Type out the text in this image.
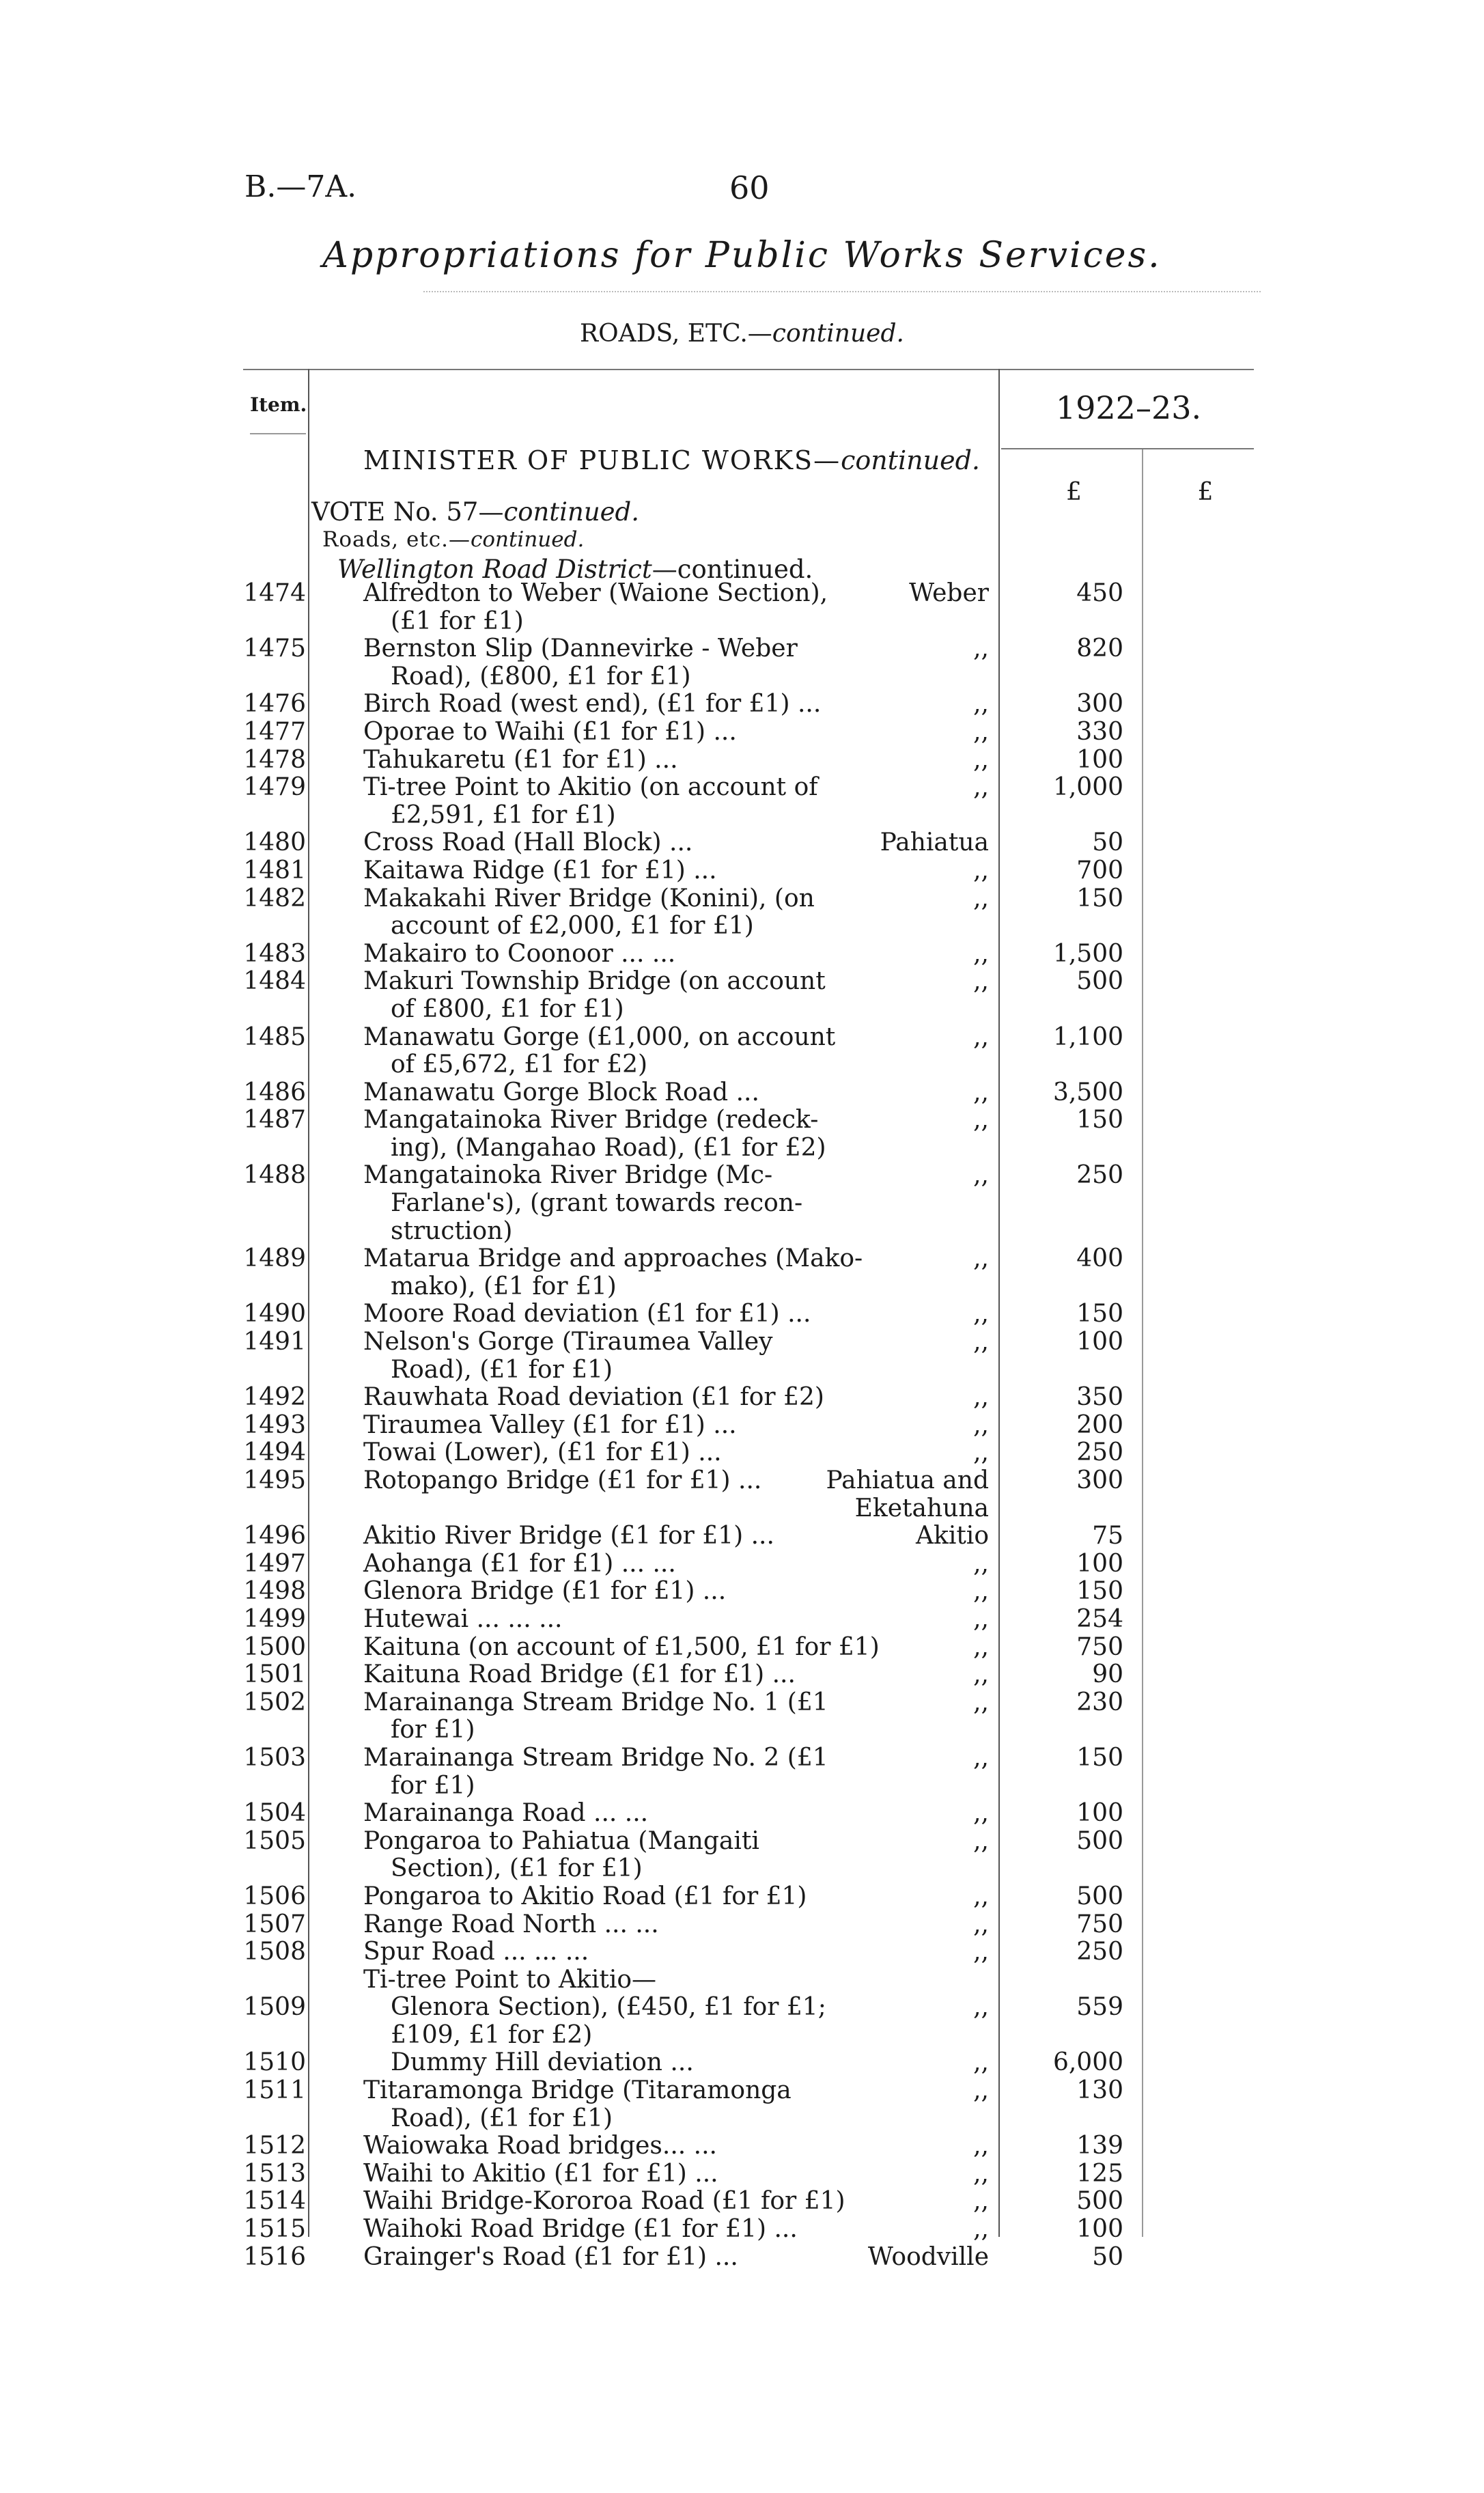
B.—7A.	60
Appropriations for Public Works Services.
ROADS, ETC.—continued.
Item.	1922–23.
£	£
MINISTER OF PUBLIC WORKS—continued.
VOTE No. 57—continued.
Roads, etc.—continued.
Wellington Road District—continued.
1474 Alfredton to Weber (Waione Section),
(£1 for £1)
Weber	450
1475 Bernston Slip (Dannevirke - Weber
Road), (£800, £1 for £1)
,,	820
1476 Birch Road (west end), (£1 for £1) ...	,,	300
1477 Oporae to Waihi (£1 for £1) ...	,,	330
1478 Tahukaretu (£1 for £1) ...	,,	100
1479 Ti-tree Point to Akitio (on account of
£2,591, £1 for £1)
,,	1,000
1480 Cross Road (Hall Block) ...	Pahiatua	50
1481 Kaitawa Ridge (£1 for £1) ...	,,	700
1482 Makakahi River Bridge (Konini), (on
account of £2,000, £1 for £1)
,,	150
1483 Makairo to Coonoor ... ...	,,	1,500
1484 Makuri Township Bridge (on account
of £800, £1 for £1)
,,	500
1485 Manawatu Gorge (£1,000, on account
of £5,672, £1 for £2)
,,	1,100
1486 Manawatu Gorge Block Road ...	,,	3,500
1487 Mangatainoka River Bridge (redeck-
ing), (Mangahao Road), (£1 for £2)
,,	150
1488 Mangatainoka River Bridge (Mc-
Farlane's), (grant towards recon-
struction)
,,	250
1489 Matarua Bridge and approaches (Mako-
mako), (£1 for £1)
,,	400
1490 Moore Road deviation (£1 for £1) ...	,,	150
1491 Nelson's Gorge (Tiraumea Valley
Road), (£1 for £1)
,,	100
1492 Rauwhata Road deviation (£1 for £2)	,,	350
1493 Tiraumea Valley (£1 for £1) ...	,,	200
1494 Towai (Lower), (£1 for £1) ...	,,	250
1495 Rotopango Bridge (£1 for £1) ...	Pahiatua and
Eketahuna
300
1496 Akitio River Bridge (£1 for £1) ...	Akitio	75
1497 Aohanga (£1 for £1) ... ...	,,	100
1498 Glenora Bridge (£1 for £1) ...	,,	150
1499 Hutewai ... ... ...	,,	254
1500 Kaituna (on account of £1,500, £1 for £1)	,,	750
1501 Kaituna Road Bridge (£1 for £1) ...	,,	90
1502 Marainanga Stream Bridge No. 1 (£1
for £1)
,,	230
1503 Marainanga Stream Bridge No. 2 (£1
for £1)
,,	150
1504 Marainanga Road ... ...	,,	100
1505 Pongaroa to Pahiatua (Mangaiti
Section), (£1 for £1)
,,	500
1506 Pongaroa to Akitio Road (£1 for £1)	,,	500
1507 Range Road North ... ...	,,	750
1508 Spur Road ... ... ...	,,	250
Ti-tree Point to Akitio—
1509	Glenora Section), (£450, £1 for £1;
£109, £1 for £2)
,,	559
1510	Dummy Hill deviation ...	,,	6,000
1511 Titaramonga Bridge (Titaramonga
Road), (£1 for £1)
,,	130
1512 Waiowaka Road bridges... ...	,,	139
1513 Waihi to Akitio (£1 for £1) ...	,,	125
1514 Waihi Bridge-Kororoa Road (£1 for £1)	,,	500
1515 Waihoki Road Bridge (£1 for £1) ...	,,	100
1516 Grainger's Road (£1 for £1) ...	Woodville	50
